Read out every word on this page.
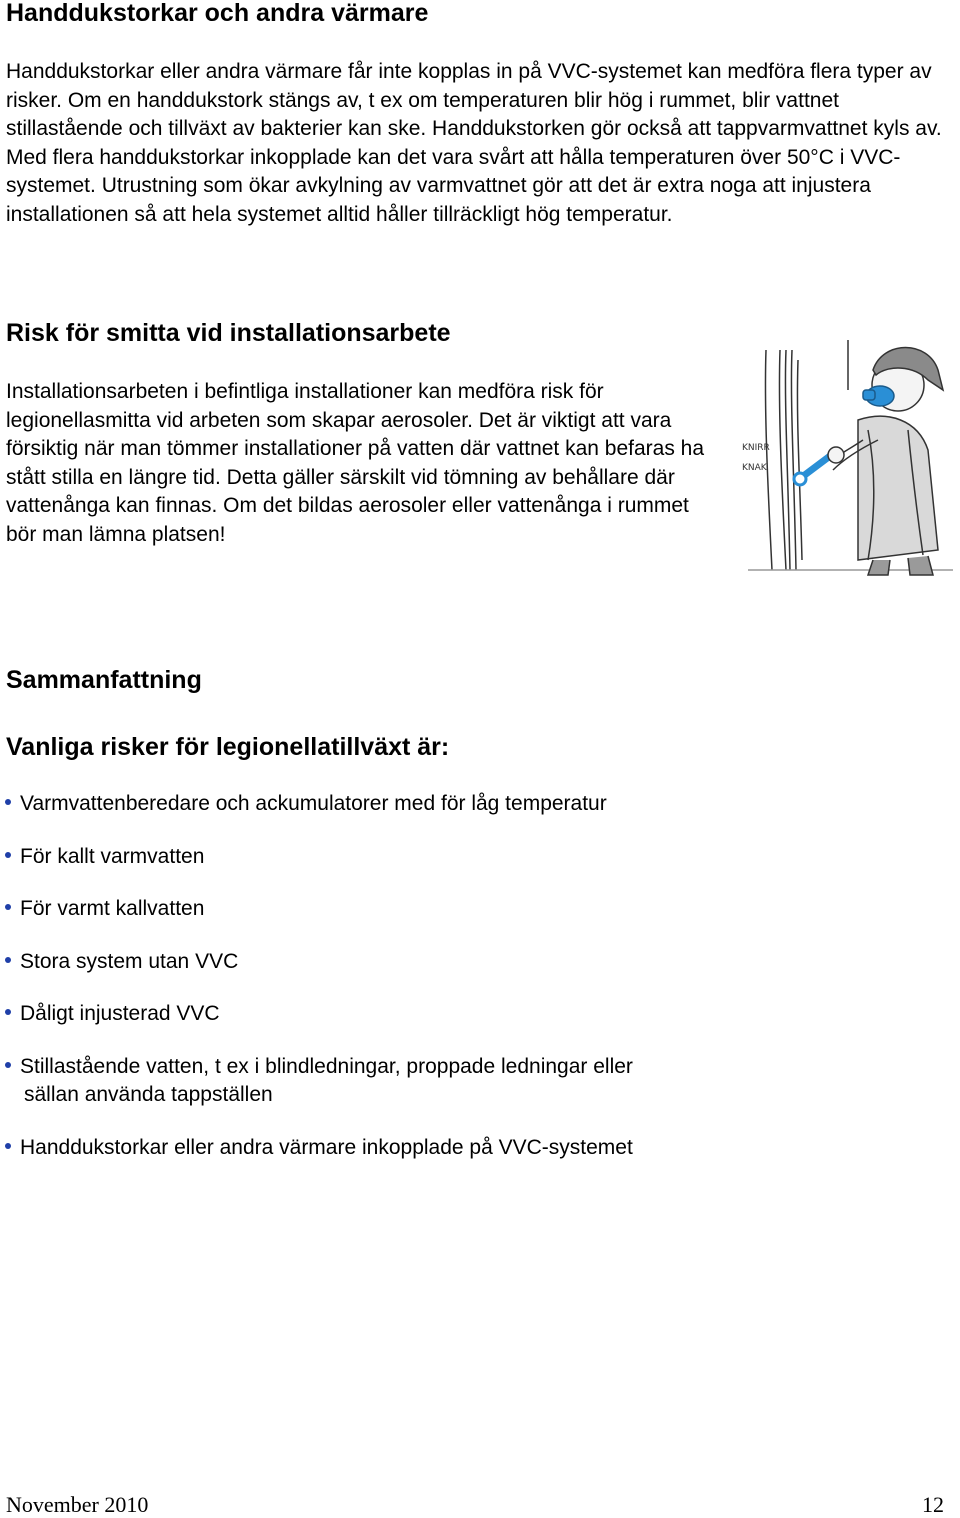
Handdukstorkar och andra värmare

Handdukstorkar eller andra värmare får inte kopplas in på VVC-systemet kan medföra flera typer av risker. Om en handdukstork stängs av, t ex om temperaturen blir hög i rummet, blir vattnet stillastående och tillväxt av bakterier kan ske. Handdukstorken gör också att tappvarmvattnet kyls av. Med flera handdukstorkar inkopplade kan det vara svårt att hålla temperaturen över 50°C i VVC-systemet. Utrustning som ökar avkylning av varmvattnet gör att det är extra noga att injustera installationen så att hela systemet alltid håller tillräckligt hög temperatur.

Risk för smitta vid installationsarbete

Installationsarbeten i befintliga installationer kan medföra risk för legionellasmitta vid arbeten som skapar aerosoler. Det är viktigt att vara försiktig när man tömmer installationer på vatten där vattnet kan befaras ha stått stilla en längre tid. Detta gäller särskilt vid tömning av behållare där vattenånga kan finnas. Om det bildas aerosoler eller vattenånga i rummet bör man lämna platsen!

KNIRR
KNAK
Sammanfattning
Vanliga risker för legionellatillväxt är:
Varmvattenberedare och ackumulatorer med för låg temperatur
För kallt varmvatten
För varmt kallvatten
Stora system utan VVC
Dåligt injusterad VVC
Stillastående vatten, t ex i blindledningar, proppade ledningar eller
sällan använda tappställen
Handdukstorkar eller andra värmare inkopplade på VVC-systemet
November 2010	12
